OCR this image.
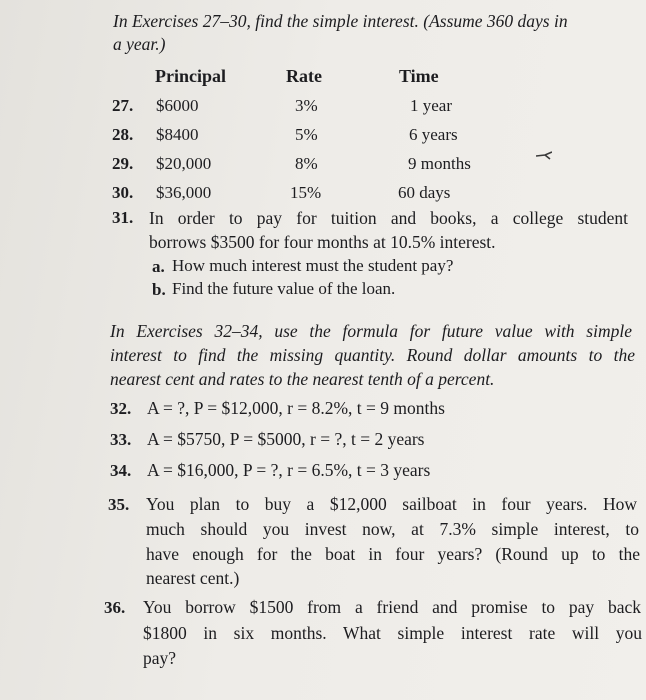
In Exercises 27–30, find the simple interest. (Assume 360 days in
a year.)
Principal	Rate	Time
27. $6000	3%	1 year
28. $8400	5%	6 years
29. $20,000	8%	9 months
30. $36,000	15%	60 days
31. In order to pay for tuition and books, a college student
borrows $3500 for four months at 10.5% interest.
a. How much interest must the student pay?
b. Find the future value of the loan.
In Exercises 32–34, use the formula for future value with simple
interest to find the missing quantity. Round dollar amounts to the
nearest cent and rates to the nearest tenth of a percent.
32. A = ?, P = $12,000, r = 8.2%, t = 9 months
33. A = $5750, P = $5000, r = ?, t = 2 years
34. A = $16,000, P = ?, r = 6.5%, t = 3 years
35. You plan to buy a $12,000 sailboat in four years. How
much should you invest now, at 7.3% simple interest, to
have enough for the boat in four years? (Round up to the
nearest cent.)
36. You borrow $1500 from a friend and promise to pay back
$1800 in six months. What simple interest rate will you
pay?
